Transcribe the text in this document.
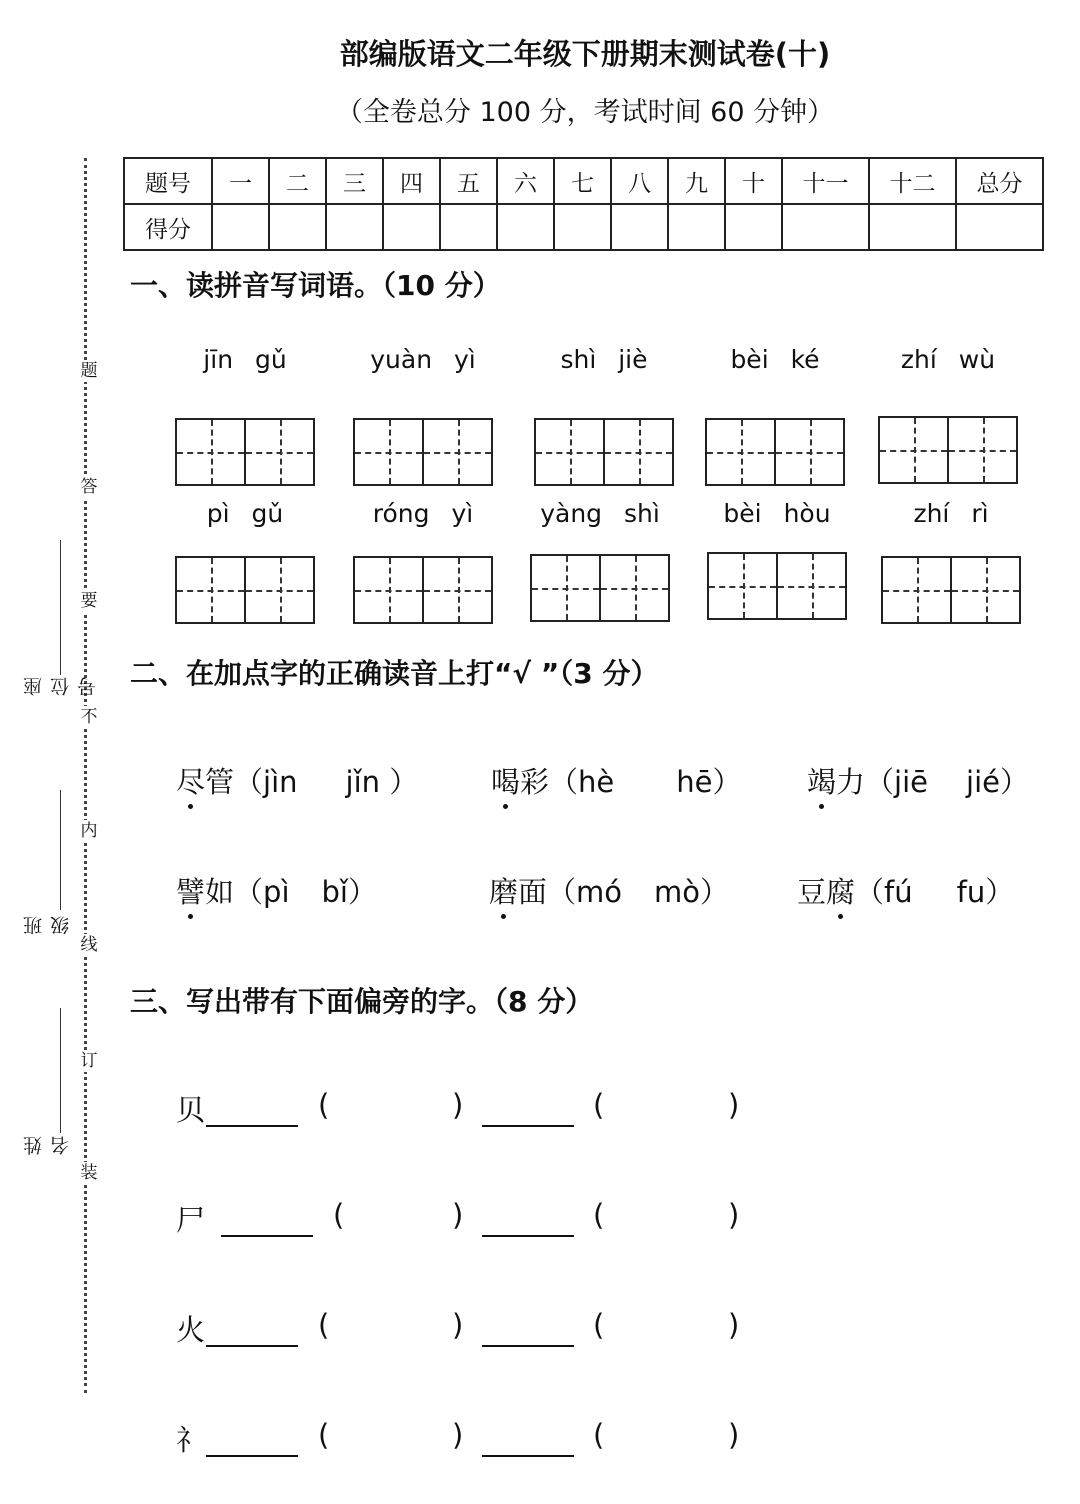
题
答
要
不
内
线
订
装
座位号
班级
姓名
部编版语文二年级下册期末测试卷(十)
（全卷总分 100 分，考试时间 60 分钟）
题号	一	二	三	四	五	六	七	八	九	十	十一	十二	总分
得分													
一、读拼音写词语。（10 分）
jīn gǔ	yuàn yì	shì jiè	bèi ké	zhí wù
pì gǔ	róng yì	yàng shì	bèi hòu	zhí rì
二、在加点字的正确读音上打“√ ”（3 分）
尽管（jìn jǐn ）	喝彩（hè hē） 竭力（jiē jié）
譬如（pì bǐ）	磨面（mó mò） 豆腐（fú fu）
三、写出带有下面偏旁的字。（8 分）
贝	(	)	(	)
尸	(	)	(	)
火	(	)	(	)
礻	(	)	(	)
